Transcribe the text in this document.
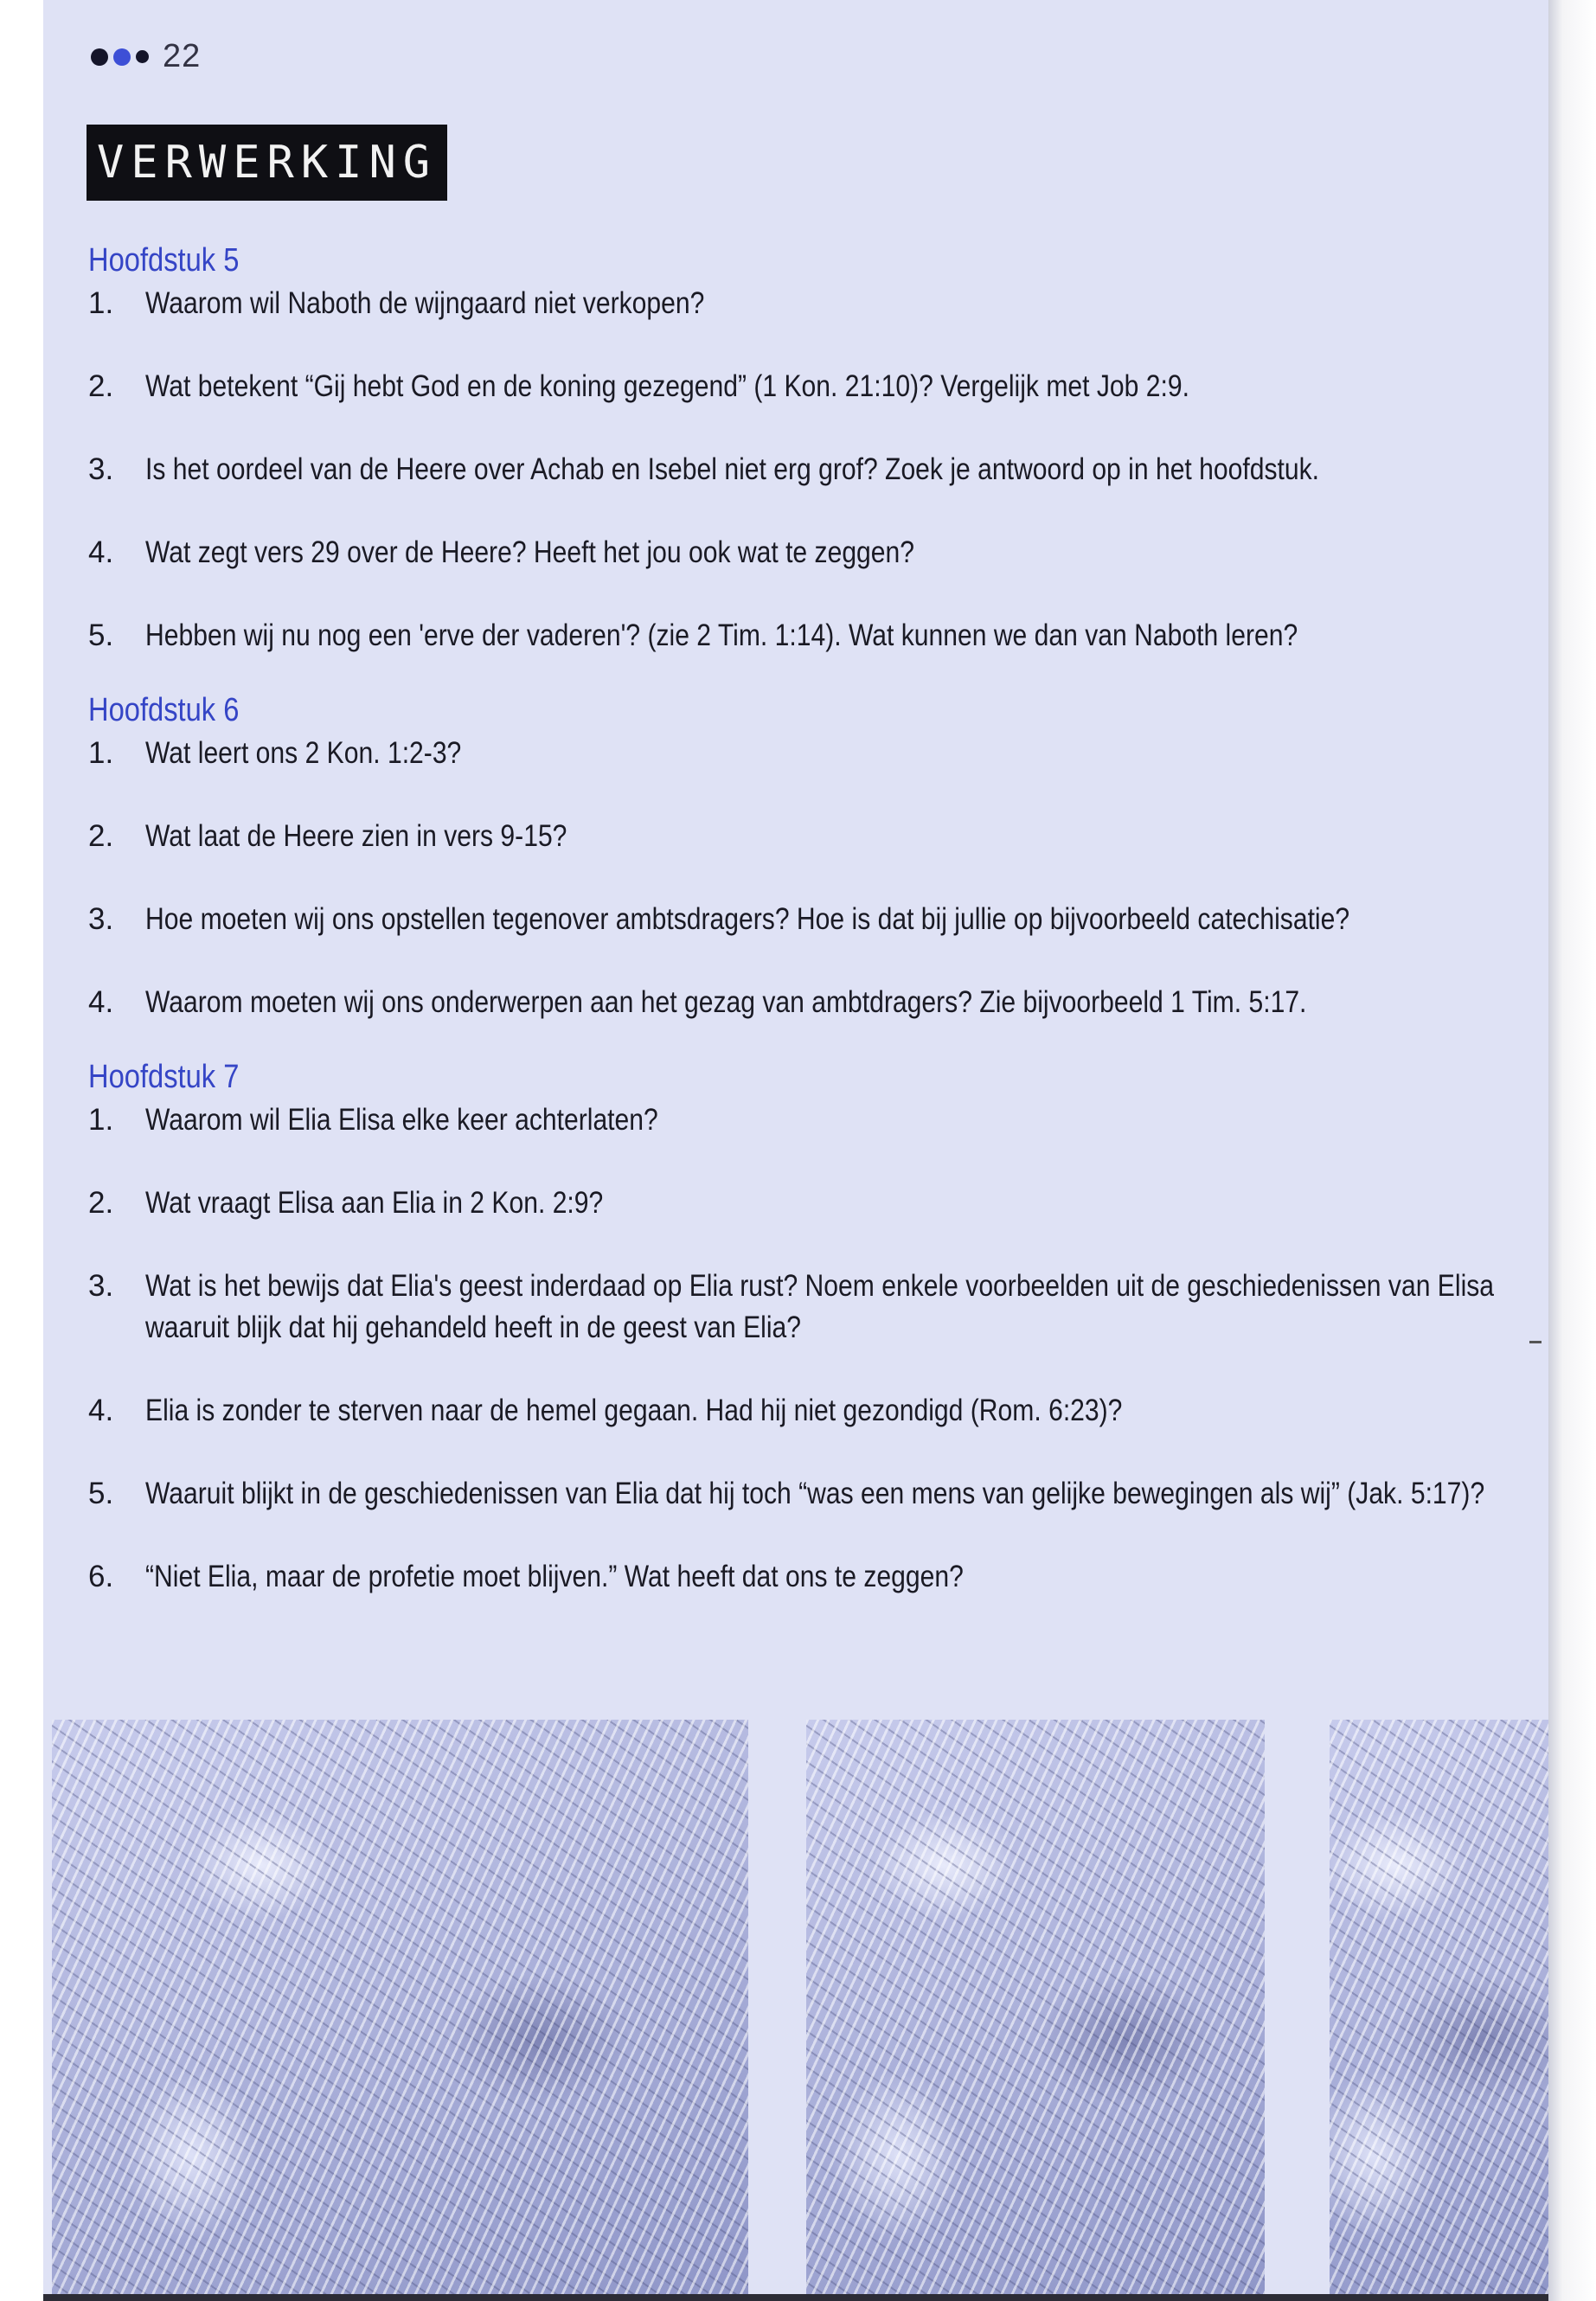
22
VERWERKING
Hoofdstuk 5
1. Waarom wil Naboth de wijngaard niet verkopen?
2. Wat betekent “Gij hebt God en de koning gezegend” (1 Kon. 21:10)? Vergelijk met Job 2:9.
3. Is het oordeel van de Heere over Achab en Isebel niet erg grof? Zoek je antwoord op in het hoofdstuk.
4. Wat zegt vers 29 over de Heere? Heeft het jou ook wat te zeggen?
5. Hebben wij nu nog een 'erve der vaderen'? (zie 2 Tim. 1:14). Wat kunnen we dan van Naboth leren?
Hoofdstuk 6
1. Wat leert ons 2 Kon. 1:2-3?
2. Wat laat de Heere zien in vers 9-15?
3. Hoe moeten wij ons opstellen tegenover ambtsdragers? Hoe is dat bij jullie op bijvoorbeeld catechisatie?
4. Waarom moeten wij ons onderwerpen aan het gezag van ambtdragers? Zie bijvoorbeeld 1 Tim. 5:17.
Hoofdstuk 7
1. Waarom wil Elia Elisa elke keer achterlaten?
2. Wat vraagt Elisa aan Elia in 2 Kon. 2:9?
3. Wat is het bewijs dat Elia's geest inderdaad op Elia rust? Noem enkele voorbeelden uit de geschiedenissen van Elisa waaruit blijk dat hij gehandeld heeft in de geest van Elia?
4. Elia is zonder te sterven naar de hemel gegaan. Had hij niet gezondigd (Rom. 6:23)?
5. Waaruit blijkt in de geschiedenissen van Elia dat hij toch “was een mens van gelijke bewegingen als wij” (Jak. 5:17)?
6. “Niet Elia, maar de profetie moet blijven.” Wat heeft dat ons te zeggen?
